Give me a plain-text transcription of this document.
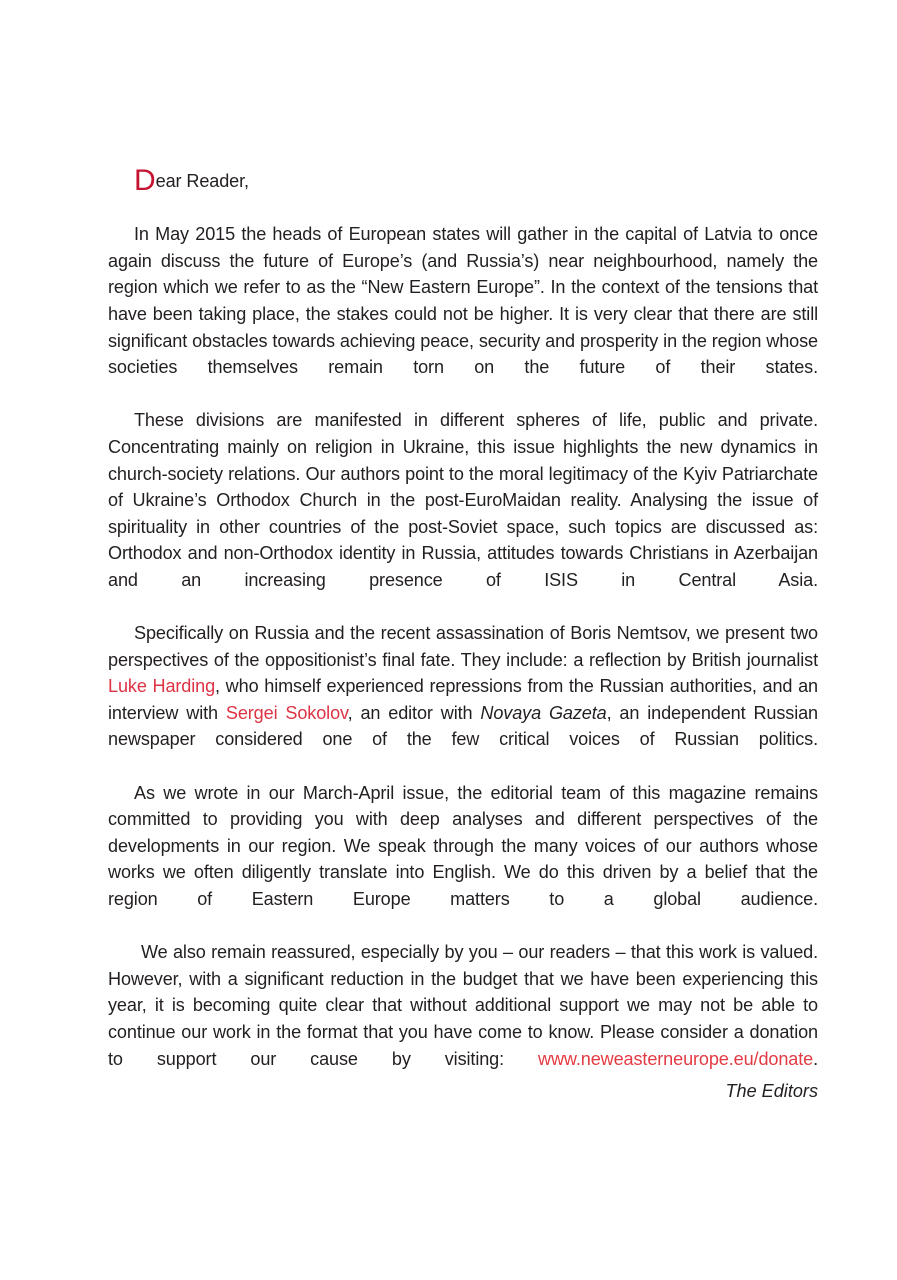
Dear Reader,

In May 2015 the heads of European states will gather in the capital of Latvia to once again discuss the future of Europe’s (and Russia’s) near neighbourhood, namely the region which we refer to as the “New Eastern Europe”. In the context of the tensions that have been taking place, the stakes could not be higher. It is very clear that there are still significant obstacles towards achieving peace, security and prosperity in the region whose societies themselves remain torn on the future of their states.

These divisions are manifested in different spheres of life, public and private. Concentrating mainly on religion in Ukraine, this issue highlights the new dynamics in church-society relations. Our authors point to the moral legitimacy of the Kyiv Patriarchate of Ukraine’s Orthodox Church in the post-EuroMaidan reality. Analysing the issue of spirituality in other countries of the post-Soviet space, such topics are discussed as: Orthodox and non-Orthodox identity in Russia, attitudes towards Christians in Azerbaijan and an increasing presence of ISIS in Central Asia.

Specifically on Russia and the recent assassination of Boris Nemtsov, we present two perspectives of the oppositionist’s final fate. They include: a reflection by British journalist Luke Harding, who himself experienced repressions from the Russian authorities, and an interview with Sergei Sokolov, an editor with Novaya Gazeta, an independent Russian newspaper considered one of the few critical voices of Russian politics.

As we wrote in our March-April issue, the editorial team of this magazine remains committed to providing you with deep analyses and different perspectives of the developments in our region. We speak through the many voices of our authors whose works we often diligently translate into English. We do this driven by a belief that the region of Eastern Europe matters to a global audience.

We also remain reassured, especially by you – our readers – that this work is valued. However, with a significant reduction in the budget that we have been experiencing this year, it is becoming quite clear that without additional support we may not be able to continue our work in the format that you have come to know. Please consider a donation to support our cause by visiting: www.neweasterneurope.eu/donate.

The Editors
